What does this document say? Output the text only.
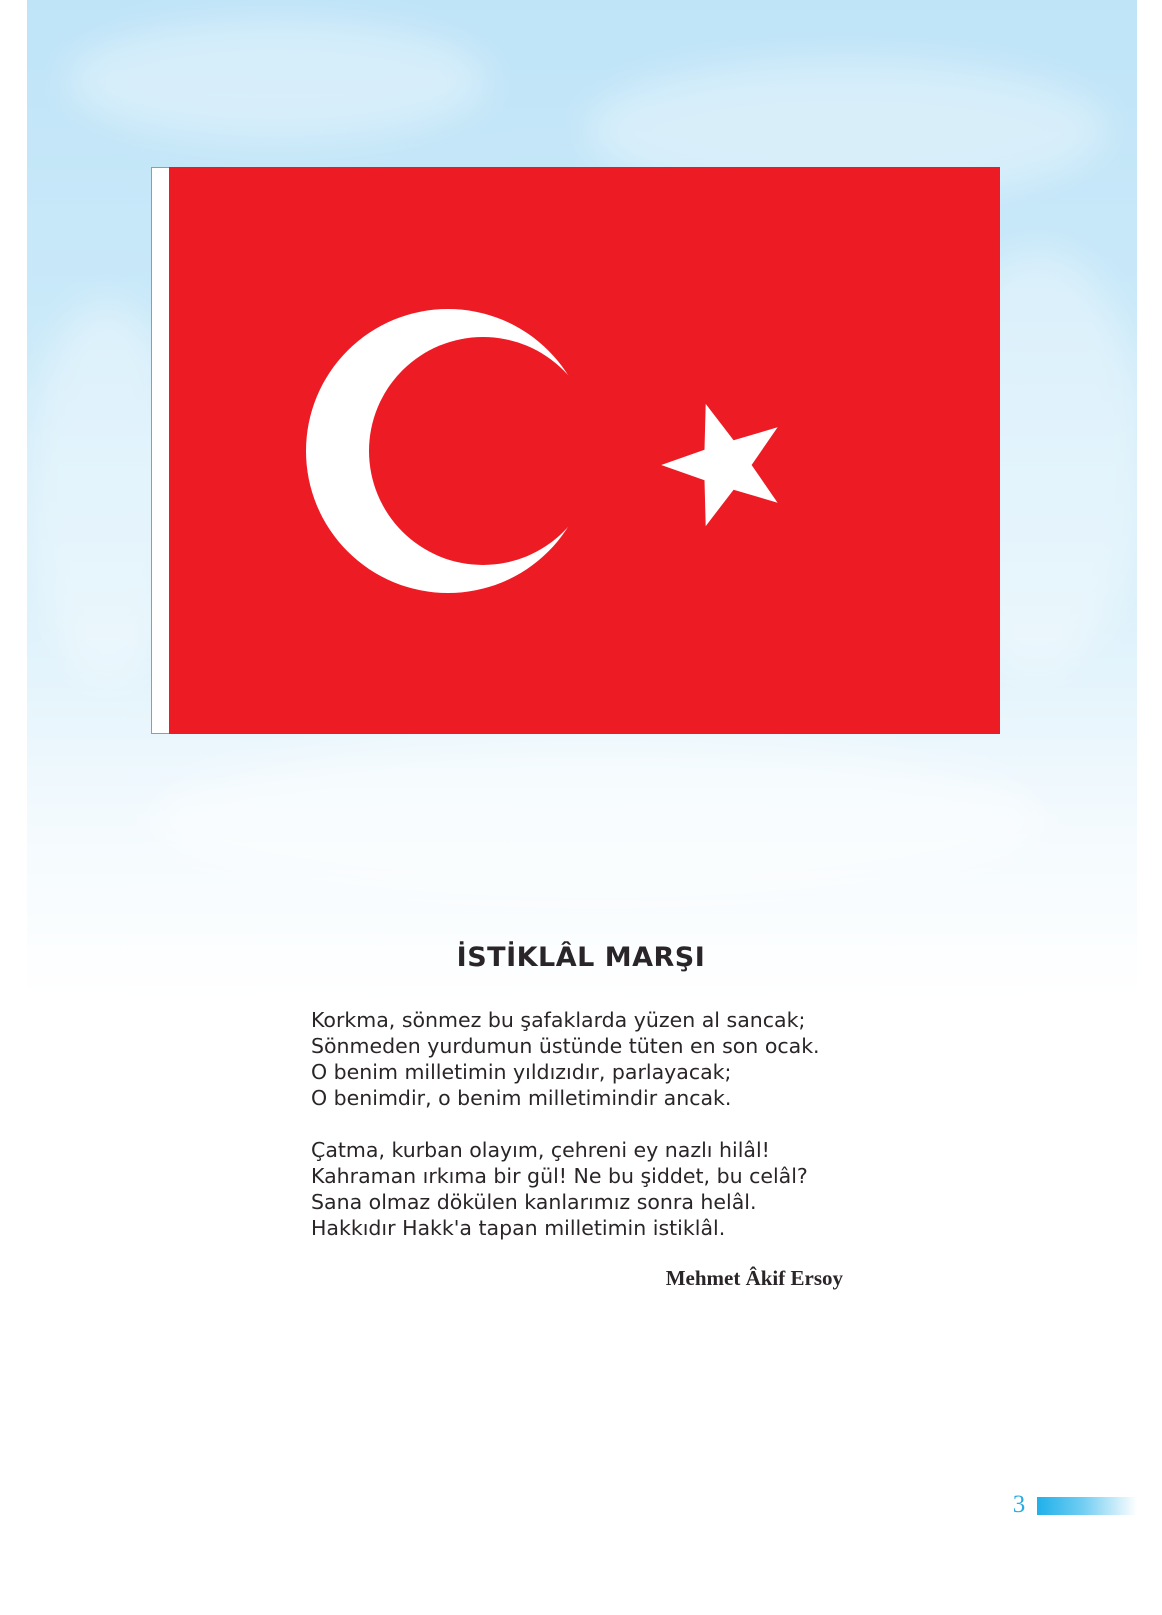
İSTİKLÂL MARŞI
Korkma, sönmez bu şafaklarda yüzen al sancak;
Sönmeden yurdumun üstünde tüten en son ocak.
O benim milletimin yıldızıdır, parlayacak;
O benimdir, o benim milletimindir ancak.
Çatma, kurban olayım, çehreni ey nazlı hilâl!
Kahraman ırkıma bir gül! Ne bu şiddet, bu celâl?
Sana olmaz dökülen kanlarımız sonra helâl.
Hakkıdır Hakk'a tapan milletimin istiklâl.
Mehmet Âkif Ersoy
3
